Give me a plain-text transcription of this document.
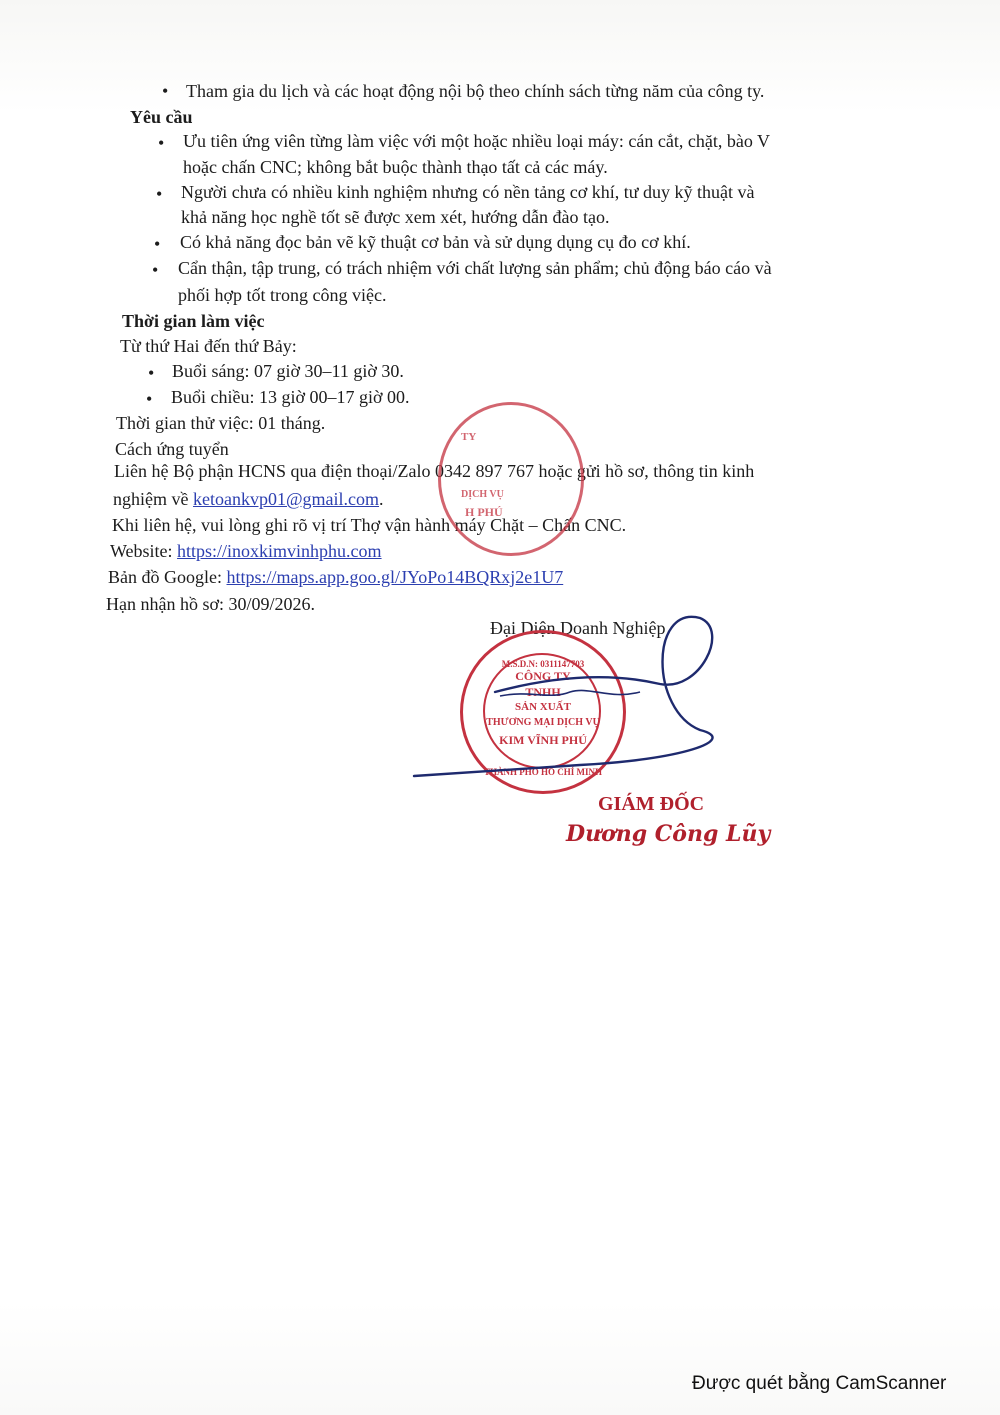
• Tham gia du lịch và các hoạt động nội bộ theo chính sách từng năm của công ty.
Yêu cầu
• Ưu tiên ứng viên từng làm việc với một hoặc nhiều loại máy: cán cắt, chặt, bào V
hoặc chấn CNC; không bắt buộc thành thạo tất cả các máy.
• Người chưa có nhiều kinh nghiệm nhưng có nền tảng cơ khí, tư duy kỹ thuật và
khả năng học nghề tốt sẽ được xem xét, hướng dẫn đào tạo.
• Có khả năng đọc bản vẽ kỹ thuật cơ bản và sử dụng dụng cụ đo cơ khí.
• Cẩn thận, tập trung, có trách nhiệm với chất lượng sản phẩm; chủ động báo cáo và
phối hợp tốt trong công việc.
Thời gian làm việc
Từ thứ Hai đến thứ Bảy:
• Buổi sáng: 07 giờ 30–11 giờ 30.
• Buổi chiều: 13 giờ 00–17 giờ 00.
Thời gian thử việc: 01 tháng.
Cách ứng tuyển
Liên hệ Bộ phận HCNS qua điện thoại/Zalo 0342 897 767 hoặc gửi hồ sơ, thông tin kinh
nghiệm về ketoankvp01@gmail.com.
Khi liên hệ, vui lòng ghi rõ vị trí Thợ vận hành máy Chặt – Chấn CNC.
Website: https://inoxkimvinhphu.com
Bản đồ Google: https://maps.app.goo.gl/JYoPo14BQRxj2e1U7
Hạn nhận hồ sơ: 30/09/2026.
TY
DỊCH VỤ
H PHÚ
Đại Diện Doanh Nghiệp
M.S.D.N: 0311147703
CÔNG TY
TNHH
SẢN XUẤT
THƯƠNG MẠI DỊCH VỤ
KIM VĨNH PHÚ
THÀNH PHỐ HỒ CHÍ MINH
GIÁM ĐỐC
Dương Công Lũy
Được quét bằng CamScanner
